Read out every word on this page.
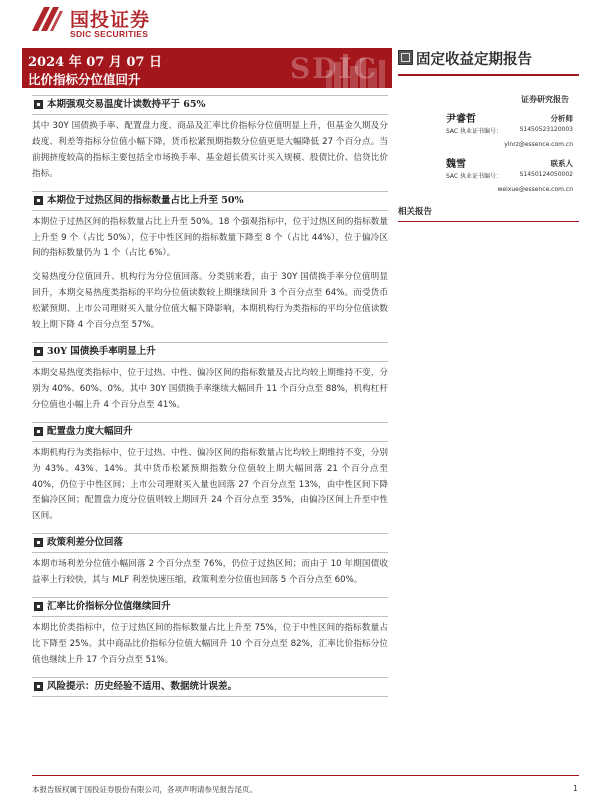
国投证券
SDIC SECURITIES
2024 年 07 月 07 日
比价指标分位值回升	SDIC	固定收益定期报告
证券研究报告
尹睿哲	分析师
SAC 执业证书编号：	S1450523120003
yinrz@essence.com.cn
魏雪	联系人
SAC 执业证书编号：	S1450124050002
weixue@essence.com.cn
相关报告
本期强观交易温度计读数持平于 65%

其中 30Y 国债换手率、配置盘力度、商品及汇率比价指标分位值明显上升，但基金久期及分歧度、利差等指标分位值小幅下降，货币松紧预期指数分位值更是大幅降低 27 个百分点。当前拥挤度较高的指标主要包括全市场换手率、基金超长债买计买入规模、股债比价、信贷比价指标。

本期位于过热区间的指标数量占比上升至 50%

本期位于过热区间的指标数量占比上升至 50%。18 个强观指标中，位于过热区间的指标数量上升至 9 个（占比 50%），位于中性区间的指标数量下降至 8 个（占比 44%），位于偏冷区间的指标数量仍为 1 个（占比 6%）。

交易热度分位值回升、机构行为分位值回落。分类别来看，由于 30Y 国债换手率分位值明显回升，本期交易热度类指标的平均分位值读数较上期继续回升 3 个百分点至 64%。而受货币松紧预期、上市公司理财买入量分位值大幅下降影响，本期机构行为类指标的平均分位值读数较上期下降 4 个百分点至 57%。

30Y 国债换手率明显上升

本期交易热度类指标中，位于过热、中性、偏冷区间的指标数量及占比均较上期维持不变，分别为 40%、60%、0%。其中 30Y 国债换手率继续大幅回升 11 个百分点至 88%，机构杠杆分位值也小幅上升 4 个百分点至 41%。

配置盘力度大幅回升

本期机构行为类指标中，位于过热、中性、偏冷区间的指标数量占比均较上期维持不变，分别为 43%、43%、14%。其中货币松紧预期指数分位值较上期大幅回落 21 个百分点至 40%，仍位于中性区间；上市公司理财买入量也回落 27 个百分点至 13%，由中性区间下降至偏冷区间；配置盘力度分位值则较上期回升 24 个百分点至 35%，由偏冷区间上升至中性区间。

政策利差分位回落

本期市场利差分位值小幅回落 2 个百分点至 76%，仍位于过热区间；而由于 10 年期国债收益率上行较快，其与 MLF 利差快速压缩，政策利差分位值也回落 5 个百分点至 60%。

汇率比价指标分位值继续回升

本期比价类指标中，位于过热区间的指标数量占比上升至 75%，位于中性区间的指标数量占比下降至 25%。其中商品比价指标分位值大幅回升 10 个百分点至 82%，汇率比价指标分位值也继续上升 17 个百分点至 51%。

风险提示：历史经验不适用、数据统计误差。
本报告版权属于国投证券股份有限公司，各项声明请参见报告尾页。	1
